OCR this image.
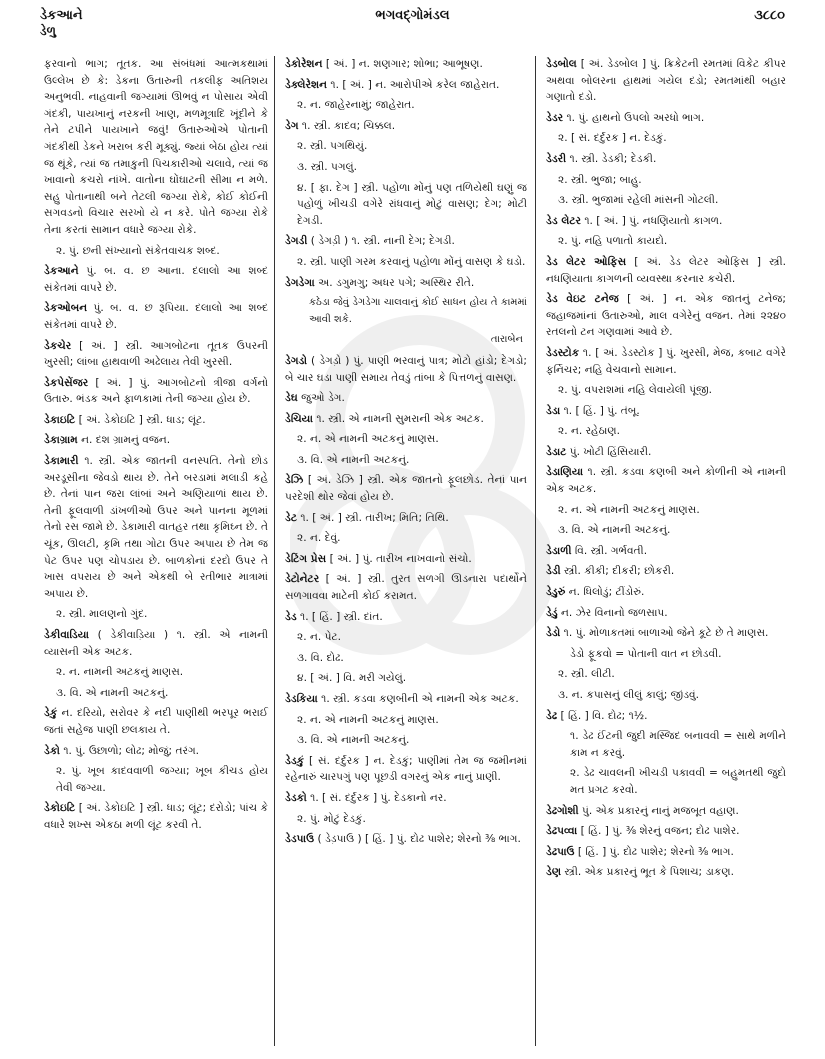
ડેકઆને
ડેળુ
ભગવદ્ગોમંડલ	૩૮૮૦
ફરવાનો ભાગ; તૂતક. આ સંબંધમાં આત્મકથામાં ઉલ્લેખ છે કે: ડેકના ઉતારુની તકલીફ અતિશય અનુભવી. નાહવાની જગ્યામાં ઊભવું ન પોસાય એવી ગંદકી, પાયખાનું નરકની ખાણ, મળમૂત્રાદિ ખૂંદીને કે તેને ટપીને પાયખાને જવું! ઉતારુઓએ પોતાની ગંદકીથી ડેકને ખરાબ કરી મૂક્યું. જ્યાં બેઠા હોય ત્યાં જ થૂંકે, ત્યાં જ તમાકુની પિચકારીઓ ચલાવે, ત્યાં જ ખાવાનો કચરો નાંખે. વાતોના ઘોંઘાટની સીમા ન મળે. સહુ પોતાનાથી બને તેટલી જગ્યા રોકે, કોઈ કોઈની સગવડનો વિચાર સરખો યે ન કરે. પોતે જગ્યા રોકે તેના કરતાં સામાન વધારે જગ્યા રોકે.
૨. પું. છની સંખ્યાનો સંકેતવાચક શબ્દ.
ડેકઆને પું. બ. વ. છ આના. દલાલો આ શબ્દ સંકેતમાં વાપરે છે.
ડેકઓબન પું. બ. વ. છ રૂપિયા. દલાલો આ શબ્દ સંકેતમાં વાપરે છે.
ડેકચેર [ અં. ] સ્ત્રી. આગબોટના તૂતક ઉપરની ખુરસી; લાંબા હાથવાળી અઢેલાય તેવી ખુરસી.
ડેકપેસેંજર [ અં. ] પું. આગબોટનો ત્રીજા વર્ગનો ઉતારુ. ભંડક અને ફાળકામાં તેની જગ્યા હોય છે.
ડેકાઇટિ [ અં. ડેકોઇટિ ] સ્ત્રી. ધાડ; લૂંટ.
ડેકાગ્રામ ન. દશ ગ્રામનું વજન.
ડેકામારી ૧. સ્ત્રી. એક જાતની વનસ્પતિ. તેનો છોડ અરડૂસીના જેવડો થાય છે. તેને બરડામાં મલાડી કહે છે. તેનાં પાન જરા લાંબાં અને અણિયાળાં થાય છે. તેની ફૂલવાળી ડાંખળીઓ ઉપર અને પાનના મૂળમાં તેનો રસ જામે છે. ડેકામારી વાતહર તથા કૃમિઘ્ન છે. તે ચૂંક, ઊલટી, કૃમિ તથા ગોટા ઉપર અપાય છે તેમ જ પેટ ઉપર પણ ચોપડાય છે. બાળકોનાં દરદો ઉપર તે ખાસ વપરાય છે અને એકથી બે રતીભાર માત્રામાં અપાય છે.
૨. સ્ત્રી. માલણનો ગુંદ.
ડેકીવાડિયા ( ડેકીવાડ઼િયા ) ૧. સ્ત્રી. એ નામની વ્યાસની એક અટક.
૨. ન. નામની અટકનું માણસ.
૩. વિ. એ નામની અટકનું.
ડેકું ન. દરિયો, સરોવર કે નદી પાણીથી ભરપૂર ભરાઈ જતાં સહેજ પાણી છલકાય તે.
ડેકો ૧. પું. ઉછાળો; લોઢ; મોજું; તરંગ.
૨. પું. ખૂબ કાદવવાળી જગ્યા; ખૂબ કીચડ હોય તેવી જગ્યા.
ડેકોઇટિ [ અં. ડેકોઇટિ ] સ્ત્રી. ધાડ; લૂંટ; દરોડો; પાંચ કે વધારે શખ્સ એકઠા મળી લૂંટ કરવી તે.
ડેકોરેશન [ અં. ] ન. શણગાર; શોભા; આભૂષણ.
ડેક્લેરેશન ૧. [ અં. ] ન. આરોપીએ કરેલ જાહેરાત.
૨. ન. જાહેરનામું; જાહેરાત.
ડેગ ૧. સ્ત્રી. કાદવ; ચિક્કલ.
૨. સ્ત્રી. પગથિયું.
૩. સ્ત્રી. પગલું.
૪. [ ફા. દેગ ] સ્ત્રી. પહોળા મોંનું પણ તળિયેથી ઘણું જ પહોળું ખીચડી વગેરે રાંધવાનું મોટું વાસણ; દેગ; મોટી દેગડી.
ડેગડી ( ડેગડ઼ી ) ૧. સ્ત્રી. નાની દેગ; દેગડી.
૨. સ્ત્રી. પાણી ગરમ કરવાનું પહોળા મોંનું વાસણ કે ઘડો.
ડેગડેગા અ. ડગુમગુ; અધર પગે; અસ્થિર રીતે.
કઠેડા જેવું ડેગડેગા ચાલવાનું કોઈ સાધન હોય તે કામમાં આવી શકે.
તારાબેન
ડેગડો ( ડેગડ઼ો ) પું. પાણી ભરવાનું પાત્ર; મોટો હાંડો; દેગડો; બે ચાર ઘડા પાણી સમાય તેવડું તાંબા કે પિત્તળનું વાસણ.
ડેઘ જુઓ ડેગ.
ડેચિયા ૧. સ્ત્રી. એ નામની સુમરાની એક અટક.
૨. ન. એ નામની અટકનું માણસ.
૩. વિ. એ નામની અટકનું.
ડેઝિ [ અં. ડેઝિ ] સ્ત્રી. એક જાતનો ફૂલછોડ. તેનાં પાન પરદેશી થોર જેવાં હોય છે.
ડેટ ૧. [ અં. ] સ્ત્રી. તારીખ; મિતિ; તિથિ.
૨. ન. દેવું.
ડેટિંગ પ્રેસ [ અં. ] પું. તારીખ નાખવાનો સંચો.
ડેટોનેટર [ અં. ] સ્ત્રી. તુરત સળગી ઊડનારા પદાર્થોને સળગાવવા માટેની કોઈ કરામત.
ડેડ ૧. [ હિં. ] સ્ત્રી. દાંત.
૨. ન. પેટ.
૩. વિ. દોઢ.
૪. [ અં. ] વિ. મરી ગયેલું.
ડેડકિયા ૧. સ્ત્રી. કડવા કણબીની એ નામની એક અટક.
૨. ન. એ નામની અટકનું માણસ.
૩. વિ. એ નામની અટકનું.
ડેડકું [ સં. દર્દુરક ] ન. દેડકું; પાણીમાં તેમ જ જમીનમાં રહેનારું ચારપગું પણ પૂછડી વગરનું એક નાનું પ્રાણી.
ડેડકો ૧. [ સં. દર્દુરક ] પું. દેડકાનો નર.
૨. પું. મોટું દેડકું.
ડેડપાઉ ( ડેડ઼પાઉ ) [ હિં. ] પું. દોઢ પાશેર; શેરનો ⅜ ભાગ.
ડેડબોલ [ અં. ડેડબોલ ] પું. ક્રિકેટની રમતમાં વિકેટ કીપર અથવા બોલરના હાથમાં ગયેલ દડો; રમતમાંથી બહાર ગણાતો દડો.
ડેડર ૧. પું. હાથનો ઉપલો અરધો ભાગ.
૨. [ સં. દર્દુરક ] ન. દેડકું.
ડેડરી ૧. સ્ત્રી. ડેડકી; દેડકી.
૨. સ્ત્રી. ભુજા; બાહુ.
૩. સ્ત્રી. ભુજામાં રહેલી માંસની ગોટલી.
ડેડ લેટર ૧. [ અં. ] પું. નધણિયાતો કાગળ.
૨. પું. નહિ પળાતો કાયદો.
ડેડ લેટર ઓફિસ [ અં. ડેડ લેટર ઓફિસ ] સ્ત્રી. નધણિયાતા કાગળની વ્યવસ્થા કરનાર કચેરી.
ડેડ વેઇટ ટનેજ [ અં. ] ન. એક જાતનું ટનેજ; જહાજમાંનાં ઉતારુઓ, માલ વગેરેનું વજન. તેમાં ૨૨૪૦ રતલનો ટન ગણવામાં આવે છે.
ડેડસ્ટોક ૧. [ અં. ડેડસ્ટોક ] પું. ખુરસી, મેજ, કબાટ વગેરે ફર્નિચર; નહિ વેચવાનો સામાન.
૨. પું. વપરાશમાં નહિ લેવાયેલી પૂંજી.
ડેડા ૧. [ હિં. ] પું. તંબૂ.
૨. ન. રહેઠાણ.
ડેડાટ પું. ખોટી હિંસિયારી.
ડેડાણિયા ૧. સ્ત્રી. કડવા કણબી અને કોળીની એ નામની એક અટક.
૨. ન. એ નામની અટકનું માણસ.
૩. વિ. એ નામની અટકનું.
ડેડાળી વિ. સ્ત્રી. ગર્ભવતી.
ડેડી સ્ત્રી. કીકી; દીકરી; છોકરી.
ડેડુરું ન. ધિલોડું; ટીંડોરું.
ડેડું ન. ઝેર વિનાનો જળસાપ.
ડેડો ૧. પું. મોળાકતમાં બાળાઓ જેને કૂટે છે તે માણસ.
ડેડો ફૂકવો = પોતાની વાત ન છોડવી.
૨. સ્ત્રી. લીટી.
૩. ન. કપાસનું લીલું કાલું; જીંડવું.
ડેઢ [ હિં. ] વિ. દોઢ; ૧½.
૧. ડેઢ ઈંટની જુદી મસ્જિદ બનાવવી = સાથે મળીને કામ ન કરવું.
૨. ડેઢ ચાવલની ખીચડી પકાવવી = બહુમતથી જુદો મત પ્રગટ કરવો.
ડેઢગોશી પું. એક પ્રકારનું નાનું મજબૂત વહાણ.
ડેઢપવ્વા [ હિં. ] પું. ⅜ શેરનું વજન; દોઢ પાશેર.
ડેઢપાઉ [ હિં. ] પું. દોઢ પાશેર; શેરનો ⅜ ભાગ.
ડેણ સ્ત્રી. એક પ્રકારનું ભૂત કે પિશાચ; ડાકણ.
